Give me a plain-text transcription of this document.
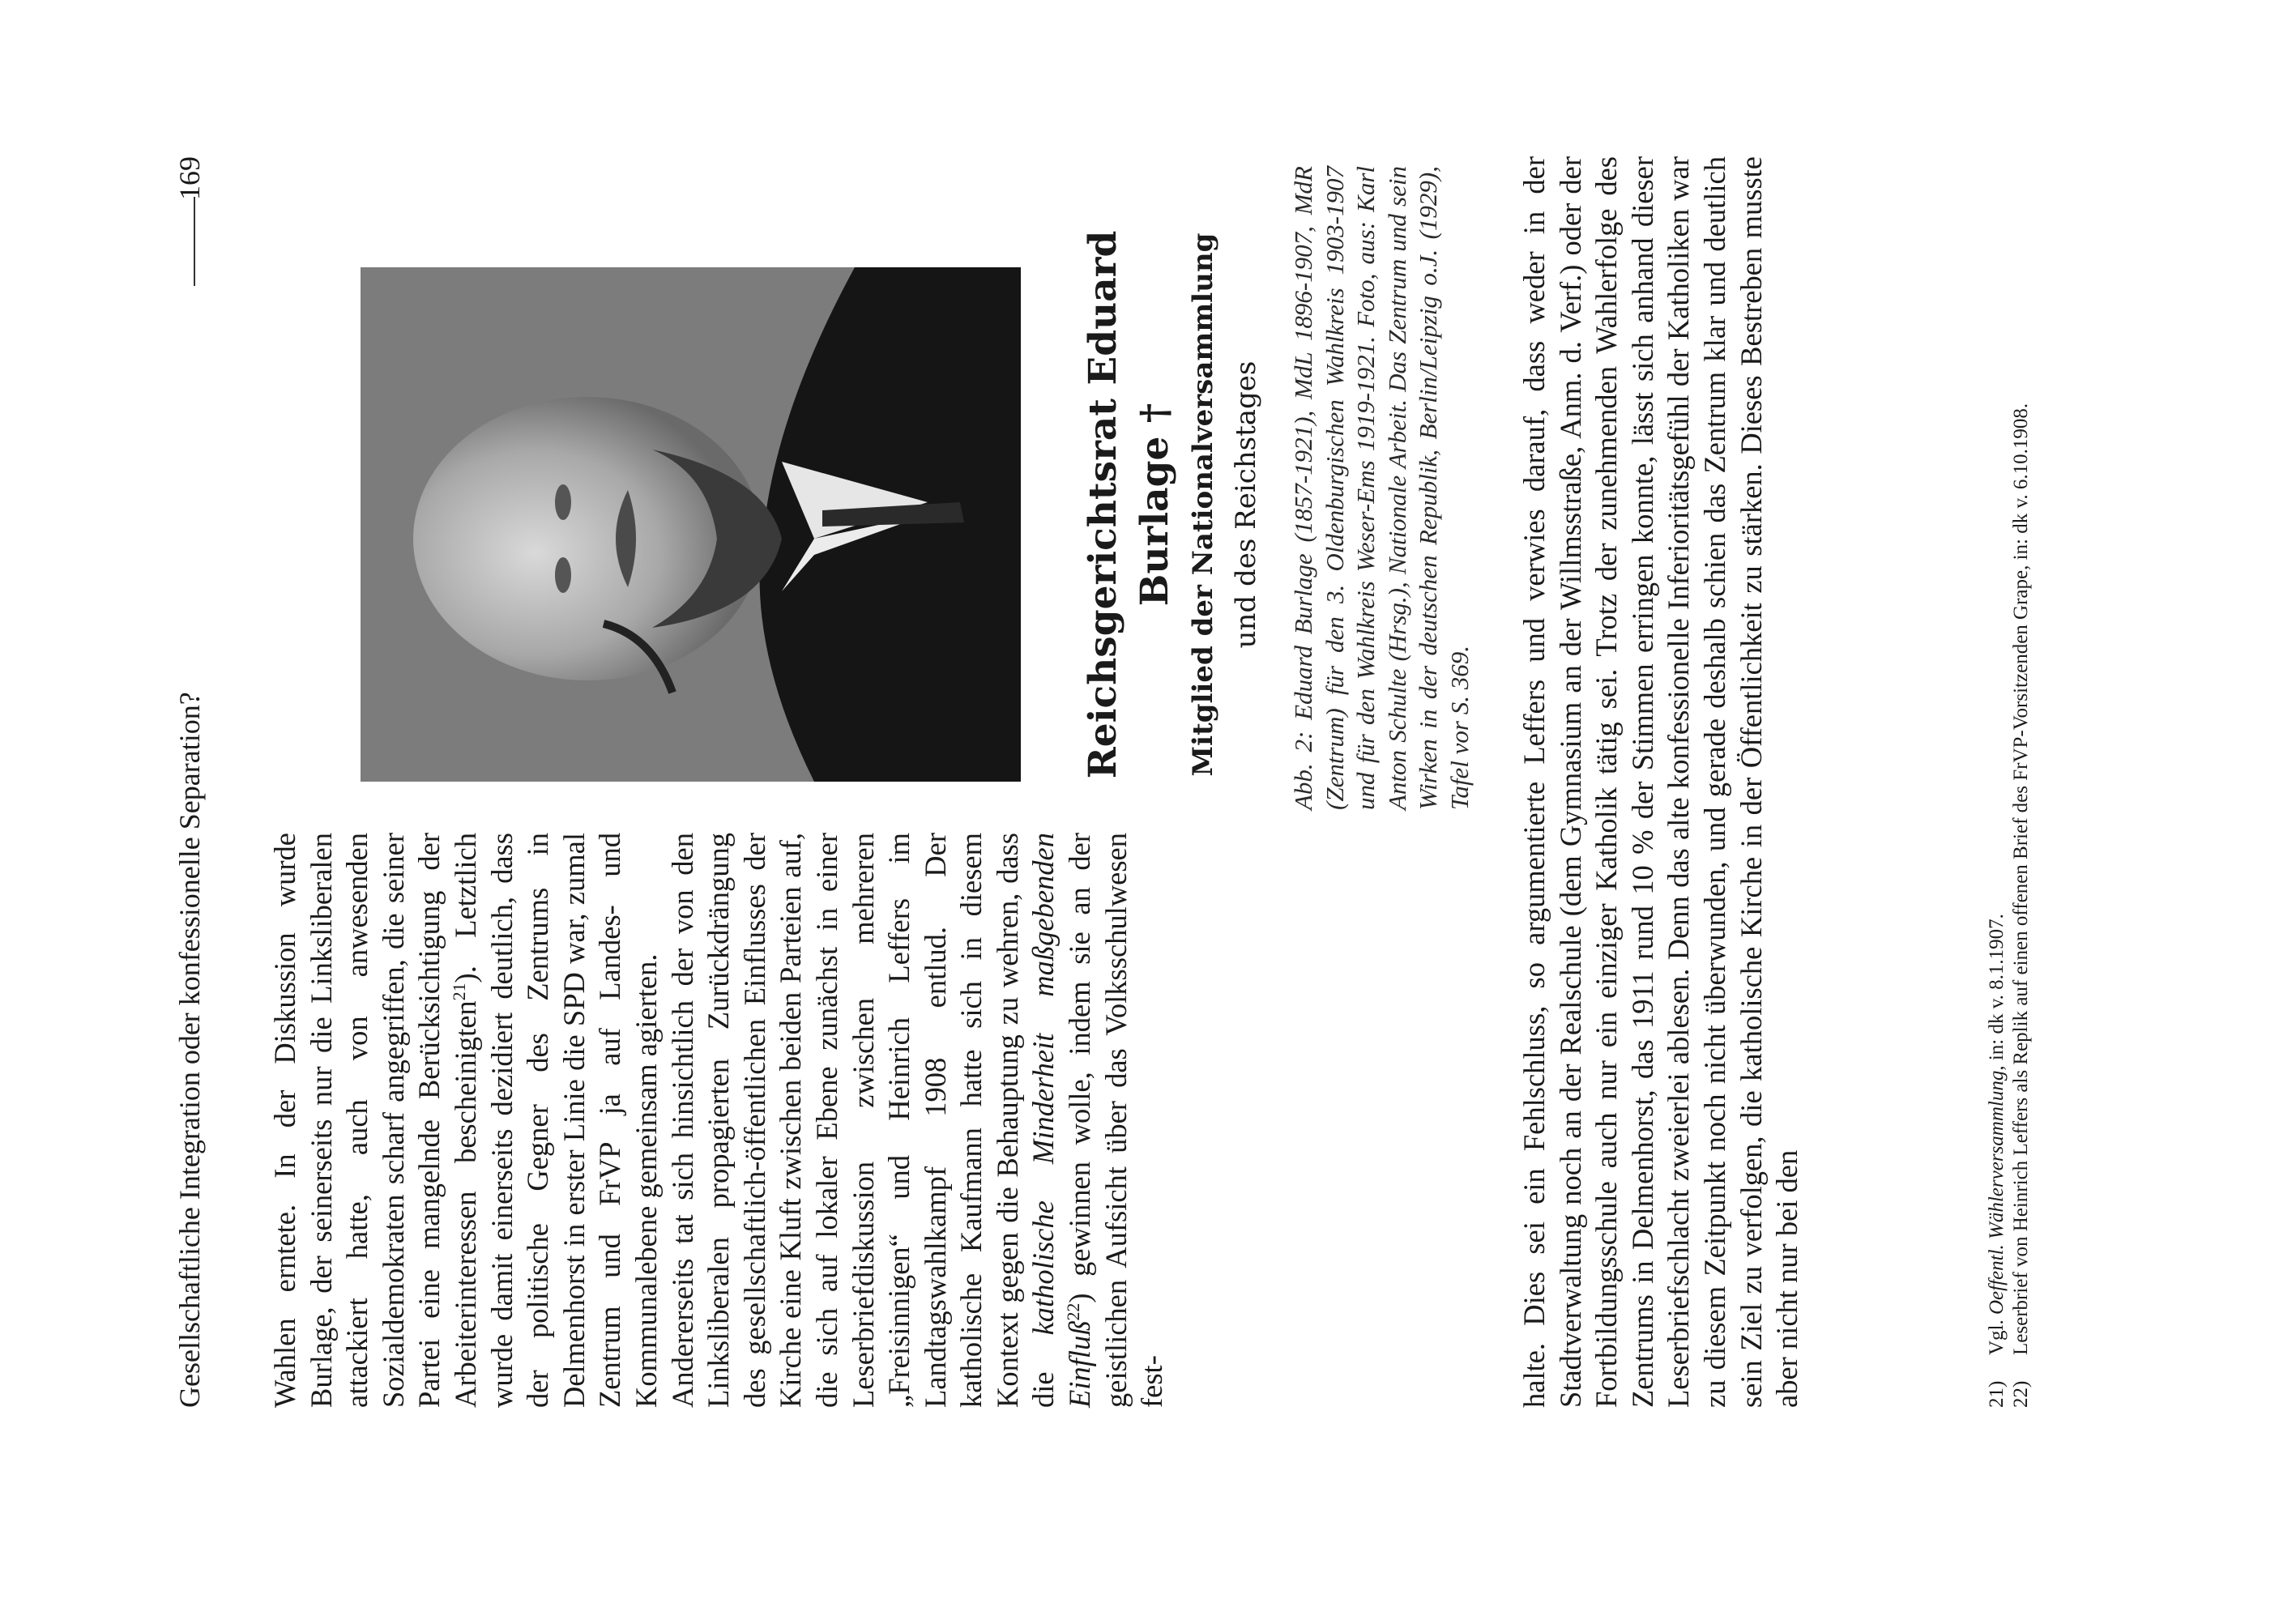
Gesellschaftliche Integration oder konfessionelle Separation?
169

Wahlen erntete. In der Diskussion wurde Burlage, der seinerseits nur die Linksliberalen attackiert hatte, auch von anwesenden Sozialdemokraten scharf angegriffen, die seiner Partei eine mangelnde Berücksichtigung der Arbeiterinteressen bescheinigten$^{21}$). Letztlich wurde damit einerseits dezidiert deutlich, dass der politische Gegner des Zentrums in Delmenhorst in erster Linie die SPD war, zumal Zentrum und FrVP ja auf Landes- und Kommunalebene gemeinsam agierten. Andererseits tat sich hinsichtlich der von den Linksliberalen propagierten Zurückdrängung des gesellschaftlich-öffentlichen Einflusses der Kirche eine Kluft zwischen beiden Parteien auf, die sich auf lokaler Ebene zunächst in einer Leserbriefdiskussion zwischen mehreren „Freisinnigen“ und Heinrich Leffers im Landtagswahlkampf 1908 entlud. Der katholische Kaufmann hatte sich in diesem Kontext gegen die Behauptung zu wehren, dass die katholische Minderheit maßgebenden Einfluß$^{22}$) gewinnen wolle, indem sie an der geistlichen Aufsicht über das Volksschulwesen fest-

Reichsgerichtsrat Eduard Burlage † Mitglied der Nationalversammlung und des Reichstages Abb. 2: Eduard Burlage (1857-1921), MdL 1896-1907, MdR (Zentrum) für den 3. Oldenburgischen Wahlkreis 1903-1907 und für den Wahlkreis Weser-Ems 1919-1921. Foto, aus: Karl Anton Schulte (Hrsg.), Nationale Arbeit. Das Zentrum und sein Wirken in der deutschen Republik, Berlin/Leipzig o.J. (1929), Tafel vor S. 369. halte. Dies sei ein Fehlschluss, so argumentierte Leffers und verwies darauf, dass weder in der Stadtverwaltung noch an der Realschule (dem Gymnasium an der Willmsstraße, Anm. d. Verf.) oder der Fortbildungsschule auch nur ein einziger Katholik tätig sei. Trotz der zunehmenden Wahlerfolge des Zentrums in Delmenhorst, das 1911 rund 10 % der Stimmen erringen konnte, lässt sich anhand dieser Leserbriefschlacht zweierlei ablesen. Denn das alte konfessionelle Inferioritätsgefühl der Katholiken war zu diesem Zeitpunkt noch nicht überwunden, und gerade deshalb schien das Zentrum klar und deutlich sein Ziel zu verfolgen, die katholische Kirche in der Öffentlichkeit zu stärken. Dieses Bestreben musste aber nicht nur bei den	21)
Vgl. Oeffentl. Wählerversammlung, in: dk v. 8.1.1907.

22)
Leserbrief von Heinrich Leffers als Replik auf einen offenen Brief des FrVP-Vorsitzenden Grape, in: dk v. 6.10.1908.
